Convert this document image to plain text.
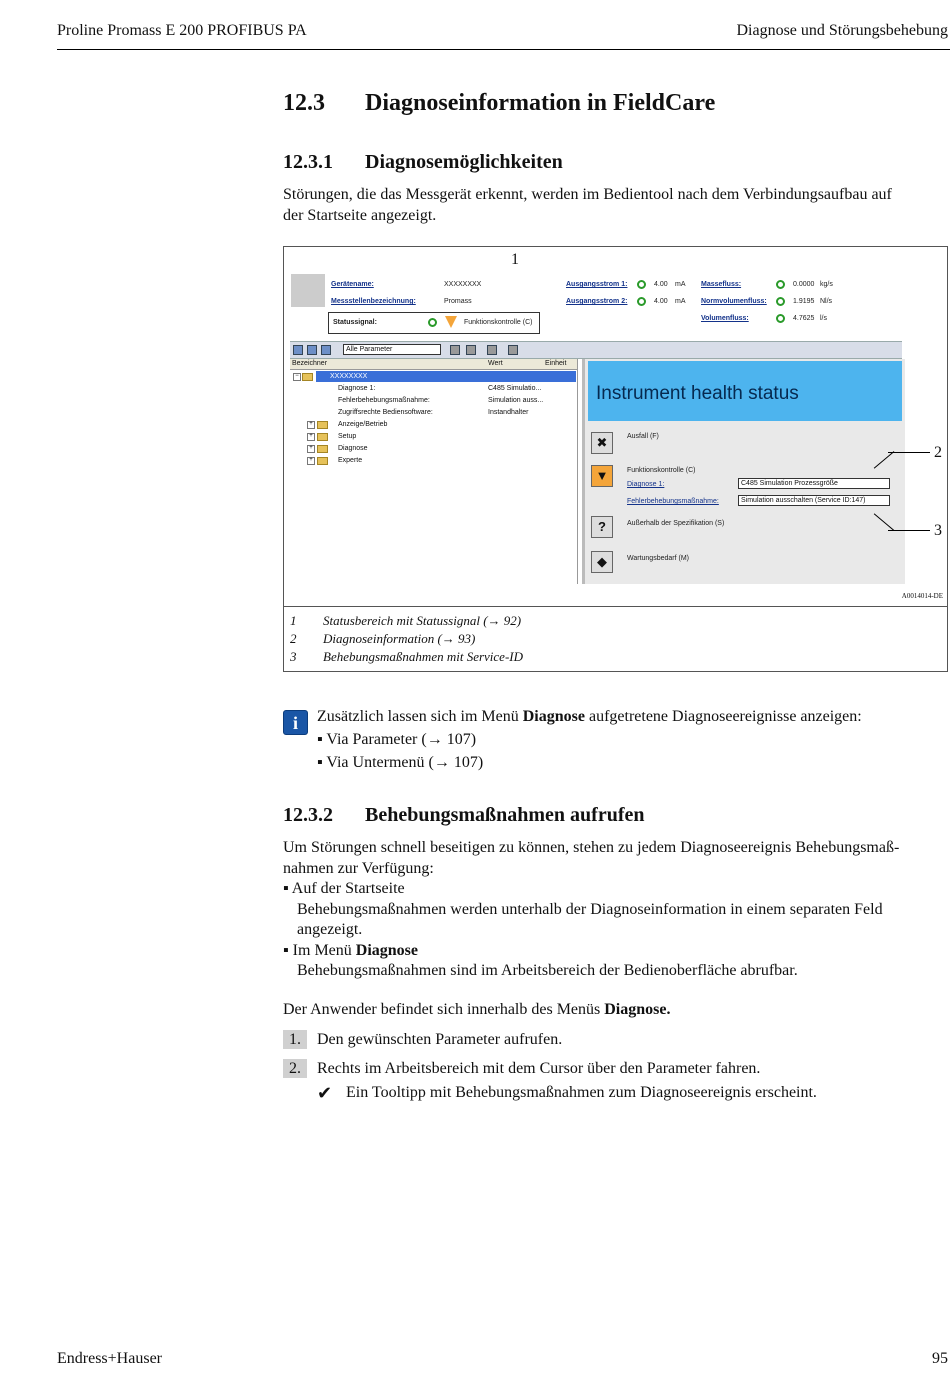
Proline Promass E 200 PROFIBUS PA	Diagnose und Störungsbehebung
12.3 Diagnoseinformation in FieldCare
12.3.1 Diagnosemöglichkeiten
Störungen, die das Messgerät erkennt, werden im Bedientool nach dem Verbindungsaufbau auf
der Startseite angezeigt.
1
2
3
Gerätename:	XXXXXXXX
Messstellenbezeichnung:	Promass
Statussignal:	Funktionskontrolle (C)
Ausgangsstrom 1:	4.00 mA
Ausgangsstrom 2:	4.00 mA
Massefluss:	0.0000 kg/s
Normvolumenfluss:	1.9195 Nl/s
Volumenfluss:	4.7625 l/s
Alle Parameter
Bezeichner	Wert	Einheit
−	XXXXXXXX
Diagnose 1:	C485 Simulatio...
Fehlerbehebungsmaßnahme:	Simulation auss...
Zugriffsrechte Bediensoftware:	Instandhalter
+	Anzeige/Betrieb
+	Setup
+	Diagnose
+	Experte
Instrument health status
✖	Ausfall (F)
▼	Funktionskontrolle (C)
Diagnose 1:	C485 Simulation Prozessgröße
Fehlerbehebungsmaßnahme:	Simulation ausschalten (Service ID:147)
?	Außerhalb der Spezifikation (S)
◆	Wartungsbedarf (M)
A0014014-DE
1	Statusbereich mit Statussignal (→ 92)
2	Diagnoseinformation (→ 93)
3	Behebungsmaßnahmen mit Service-ID
i	Zusätzlich lassen sich im Menü Diagnose aufgetretene Diagnoseereignisse anzeigen:
▪ Via Parameter (→ 107)
▪ Via Untermenü (→ 107)
12.3.2 Behebungsmaßnahmen aufrufen
Um Störungen schnell beseitigen zu können, stehen zu jedem Diagnoseereignis Behebungsmaß-
nahmen zur Verfügung:
▪ Auf der Startseite
Behebungsmaßnahmen werden unterhalb der Diagnoseinformation in einem separaten Feld
angezeigt.
▪ Im Menü Diagnose
Behebungsmaßnahmen sind im Arbeitsbereich der Bedienoberfläche abrufbar.
Der Anwender befindet sich innerhalb des Menüs Diagnose.
1.	Den gewünschten Parameter aufrufen.
2.	Rechts im Arbeitsbereich mit dem Cursor über den Parameter fahren.
✔ Ein Tooltipp mit Behebungsmaßnahmen zum Diagnoseereignis erscheint.
Endress+Hauser	95
